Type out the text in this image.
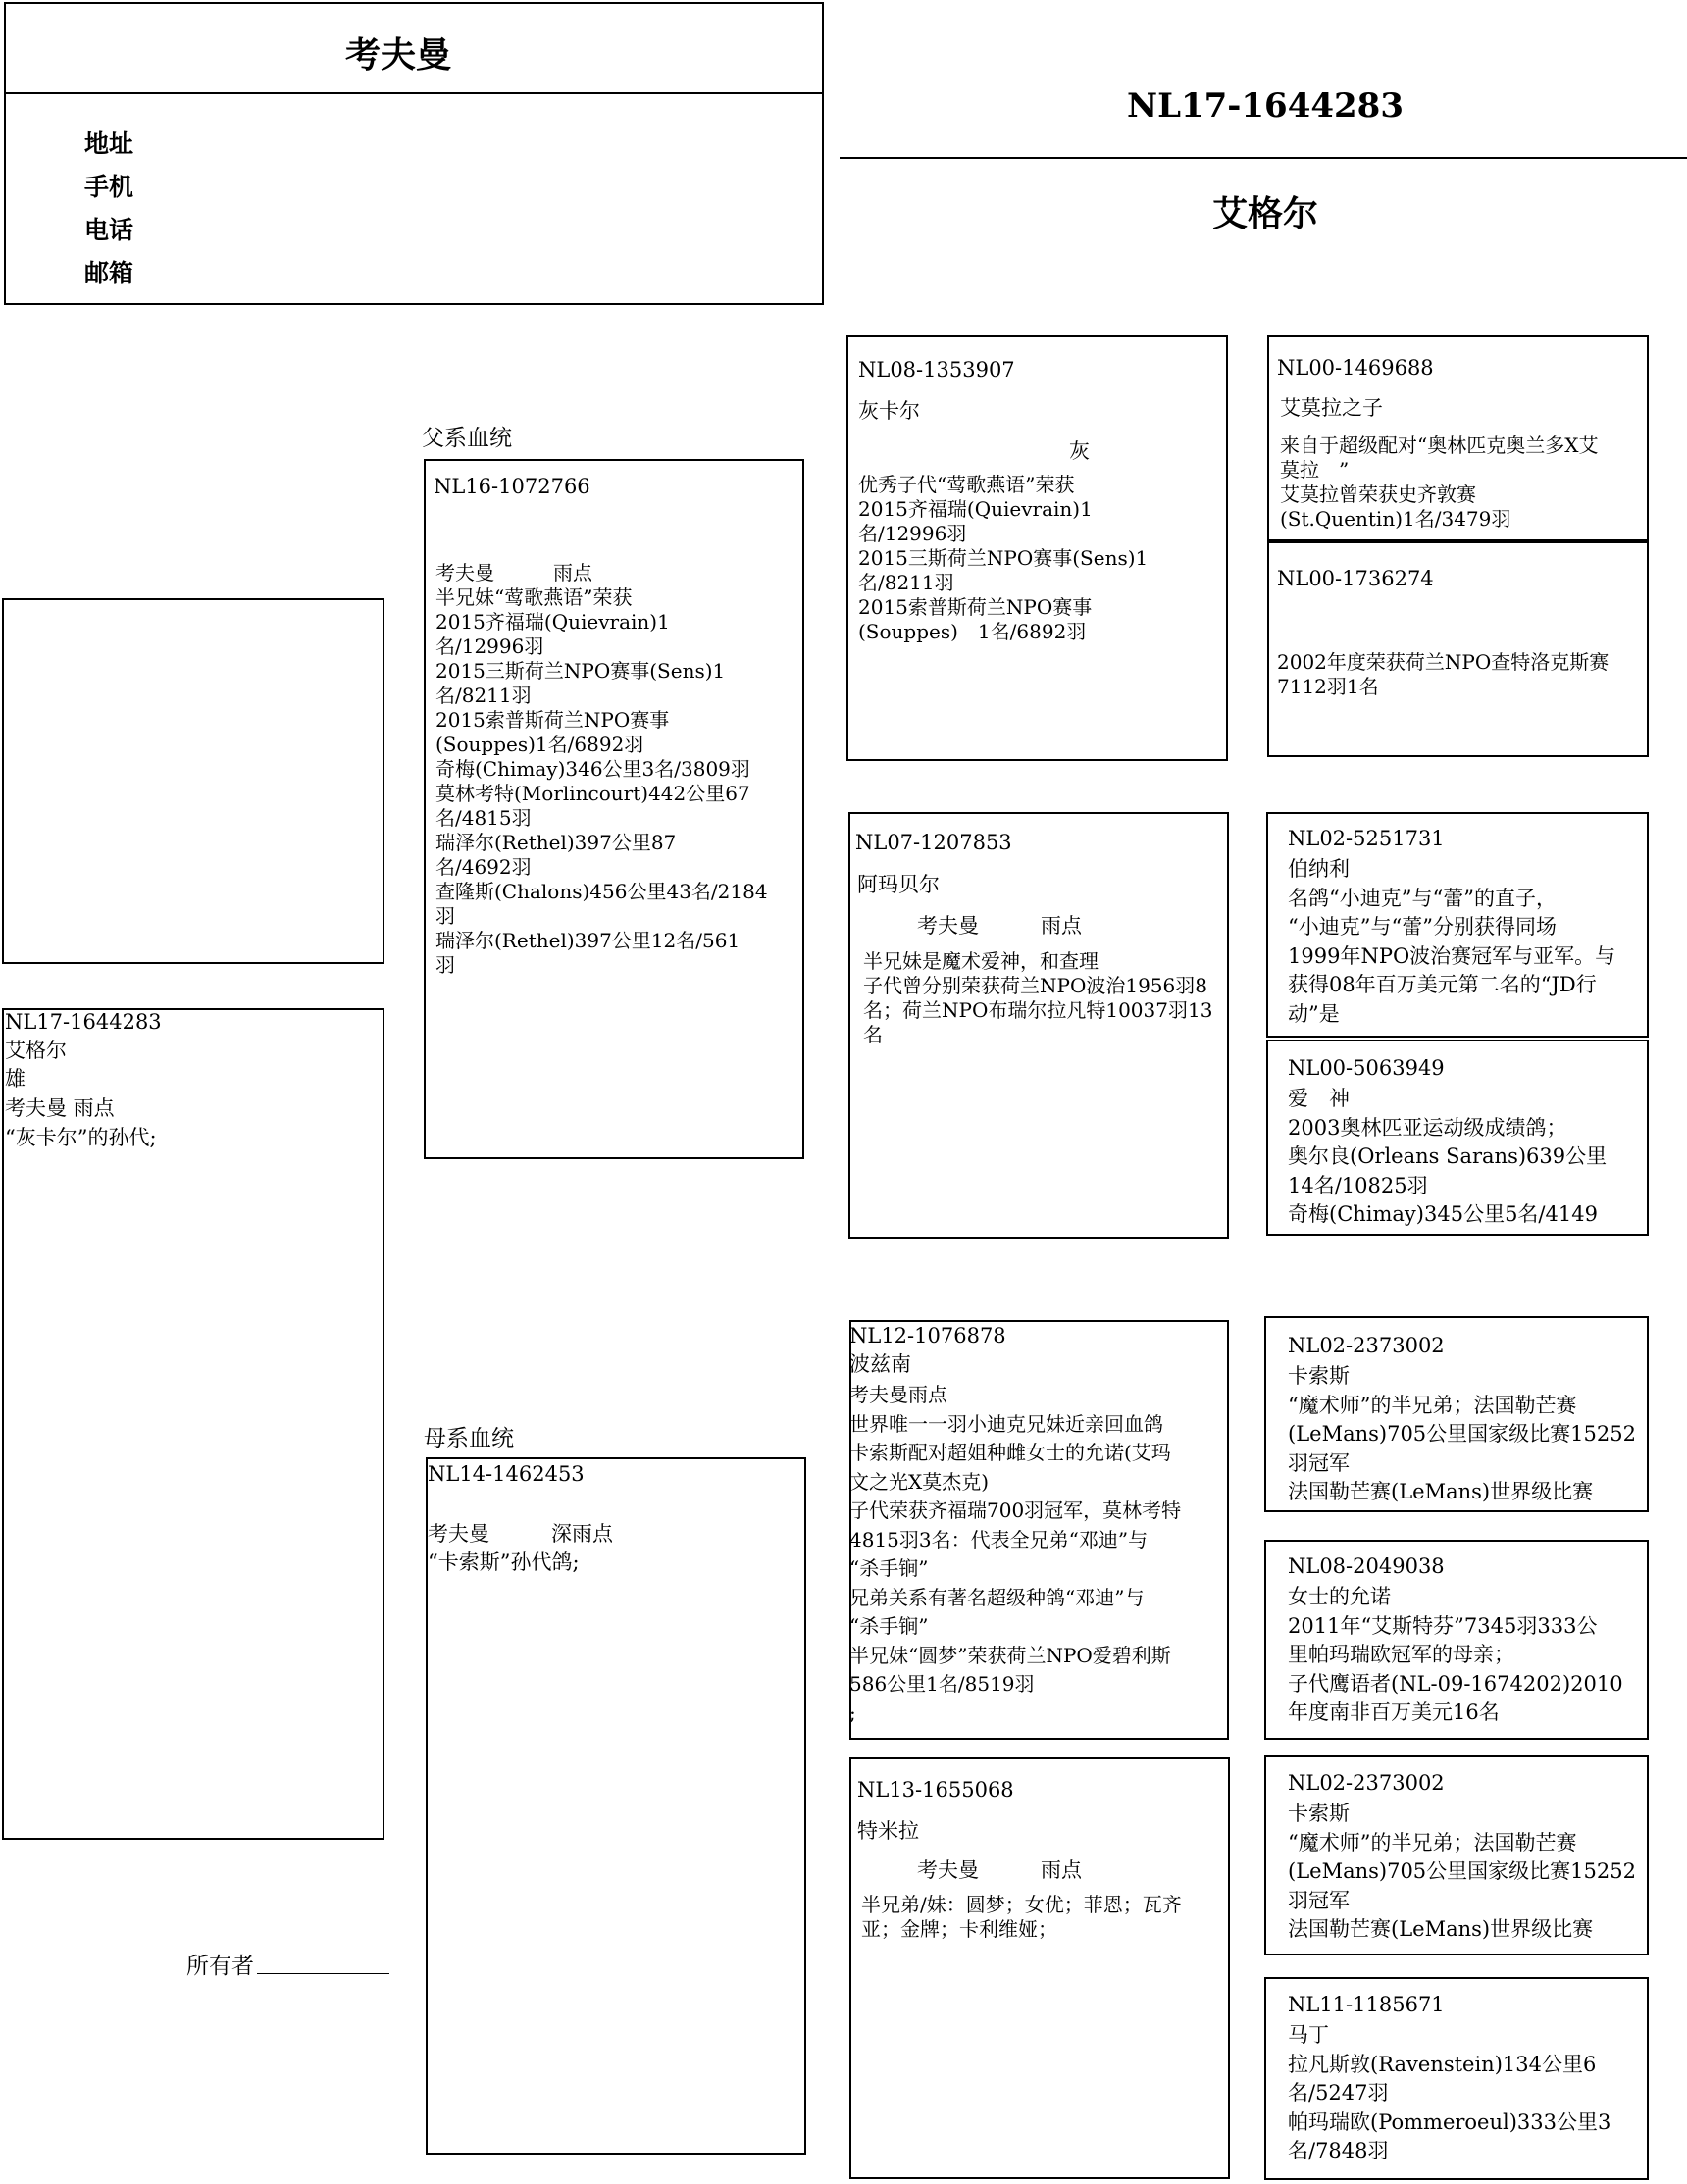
考夫曼
地址
手机
电话
邮箱
NL17-1644283
艾格尔
NL17-1644283
艾格尔
雄
考夫曼 雨点
“灰卡尔”的孙代;
所有者
父系血统
NL16-1072766
考夫曼　　　雨点
半兄妹“莺歌燕语”荣获
2015齐福瑞(Quievrain)1
名/12996羽
2015三斯荷兰NPO赛事(Sens)1
名/8211羽
2015索普斯荷兰NPO赛事
(Souppes)1名/6892羽
奇梅(Chimay)346公里3名/3809羽
莫林考特(Morlincourt)442公里67
名/4815羽
瑞泽尔(Rethel)397公里87
名/4692羽
查隆斯(Chalons)456公里43名/2184
羽
瑞泽尔(Rethel)397公里12名/561
羽
母系血统
NL14-1462453
考夫曼　　　深雨点
“卡索斯”孙代鸽;
NL08-1353907
灰卡尔
灰
优秀子代“莺歌燕语”荣获
2015齐福瑞(Quievrain)1
名/12996羽
2015三斯荷兰NPO赛事(Sens)1
名/8211羽
2015索普斯荷兰NPO赛事
(Souppes)　1名/6892羽
NL07-1207853
阿玛贝尔
考夫曼　　　雨点
半兄妹是魔术爱神，和查理
子代曾分别荣获荷兰NPO波治1956羽8
名；荷兰NPO布瑞尔拉凡特10037羽13
名
NL12-1076878
波兹南
考夫曼雨点
世界唯一一羽小迪克兄妹近亲回血鸽
卡索斯配对超姐种雌女士的允诺(艾玛
文之光X莫杰克)
子代荣获齐福瑞700羽冠军，莫林考特
4815羽3名：代表全兄弟“邓迪”与
“杀手锏”
兄弟关系有著名超级种鸽“邓迪”与
“杀手锏”
半兄妹“圆梦”荣获荷兰NPO爱碧利斯
586公里1名/8519羽
;
NL13-1655068
特米拉
考夫曼　　　雨点
半兄弟/妹：圆梦；女优；菲恩；瓦齐
亚；金牌；卡利维娅；
NL00-1469688
艾莫拉之子
来自于超级配对“奥林匹克奥兰多X艾
莫拉　”
艾莫拉曾荣获史齐敦赛
(St.Quentin)1名/3479羽
NL00-1736274
2002年度荣获荷兰NPO查特洛克斯赛
7112羽1名
NL02-5251731
伯纳利
名鸽“小迪克”与“蕾”的直子，
“小迪克”与“蕾”分别获得同场
1999年NPO波治赛冠军与亚军。与
获得08年百万美元第二名的“JD行
动”是
NL00-5063949
爱　神
2003奥林匹亚运动级成绩鸽；
奥尔良(Orleans Sarans)639公里
14名/10825羽
奇梅(Chimay)345公里5名/4149
NL02-2373002
卡索斯
“魔术师”的半兄弟；法国勒芒赛
(LeMans)705公里国家级比赛15252
羽冠军
法国勒芒赛(LeMans)世界级比赛
NL08-2049038
女士的允诺
2011年“艾斯特芬”7345羽333公
里帕玛瑞欧冠军的母亲；
子代鹰语者(NL-09-1674202)2010
年度南非百万美元16名
NL02-2373002
卡索斯
“魔术师”的半兄弟；法国勒芒赛
(LeMans)705公里国家级比赛15252
羽冠军
法国勒芒赛(LeMans)世界级比赛
NL11-1185671
马丁
拉凡斯敦(Ravenstein)134公里6
名/5247羽
帕玛瑞欧(Pommeroeul)333公里3
名/7848羽
